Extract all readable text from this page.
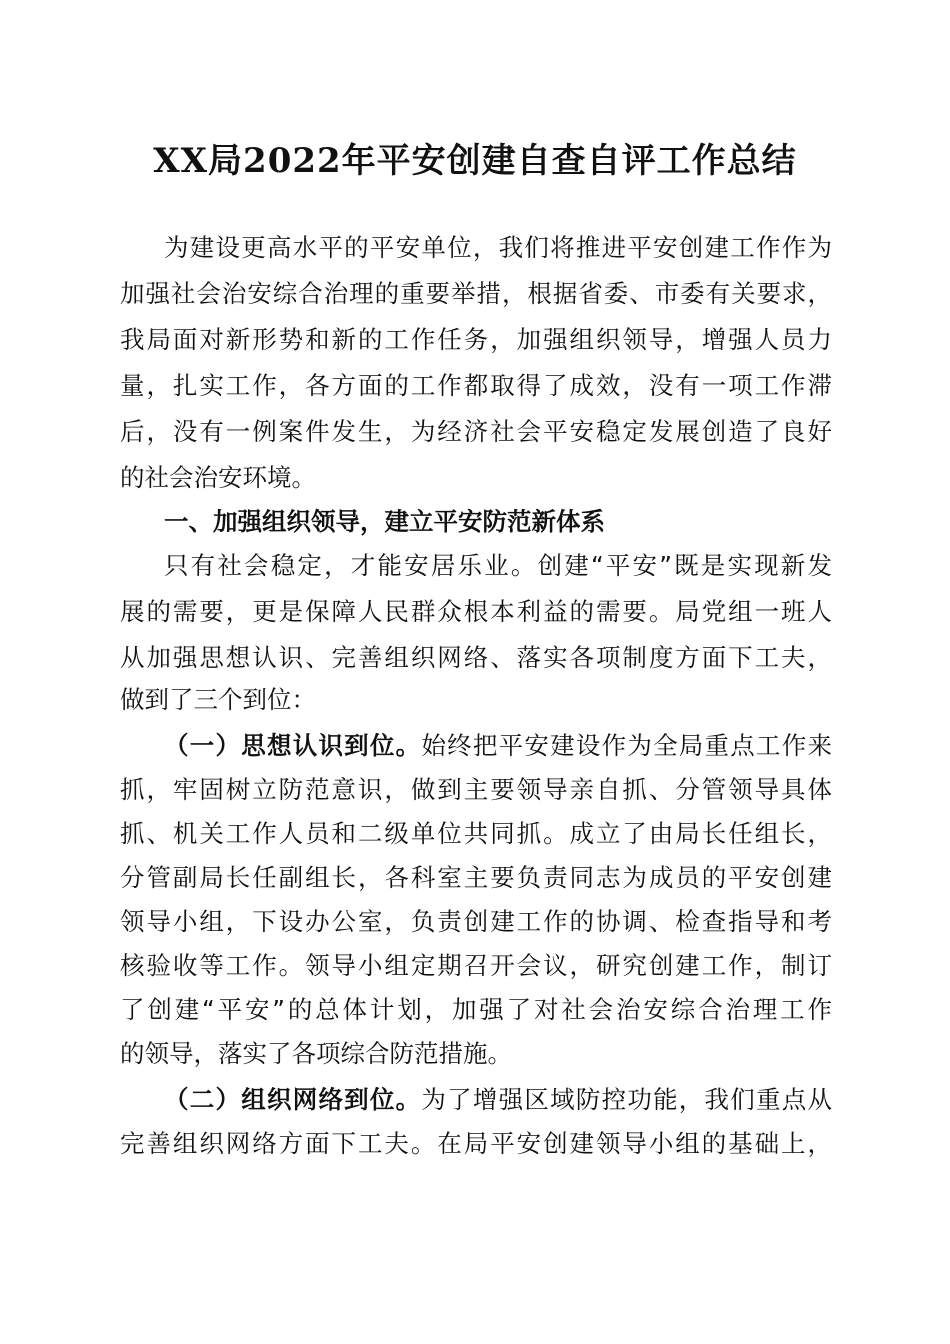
XX局2022年平安创建自查自评工作总结

为建设更高水平的平安单位，我们将推进平安创建工作作为

加强社会治安综合治理的重要举措，根据省委、市委有关要求，

我局面对新形势和新的工作任务，加强组织领导，增强人员力

量，扎实工作，各方面的工作都取得了成效，没有一项工作滞

后，没有一例案件发生，为经济社会平安稳定发展创造了良好

的社会治安环境。

一、加强组织领导，建立平安防范新体系

只有社会稳定，才能安居乐业。创建“平安”既是实现新发

展的需要，更是保障人民群众根本利益的需要。局党组一班人

从加强思想认识、完善组织网络、落实各项制度方面下工夫，

做到了三个到位：

（一）思想认识到位。始终把平安建设作为全局重点工作来

抓，牢固树立防范意识，做到主要领导亲自抓、分管领导具体

抓、机关工作人员和二级单位共同抓。成立了由局长任组长，

分管副局长任副组长，各科室主要负责同志为成员的平安创建

领导小组，下设办公室，负责创建工作的协调、检查指导和考

核验收等工作。领导小组定期召开会议，研究创建工作，制订

了创建“平安”的总体计划，加强了对社会治安综合治理工作

的领导，落实了各项综合防范措施。

（二）组织网络到位。为了增强区域防控功能，我们重点从

完善组织网络方面下工夫。在局平安创建领导小组的基础上，
